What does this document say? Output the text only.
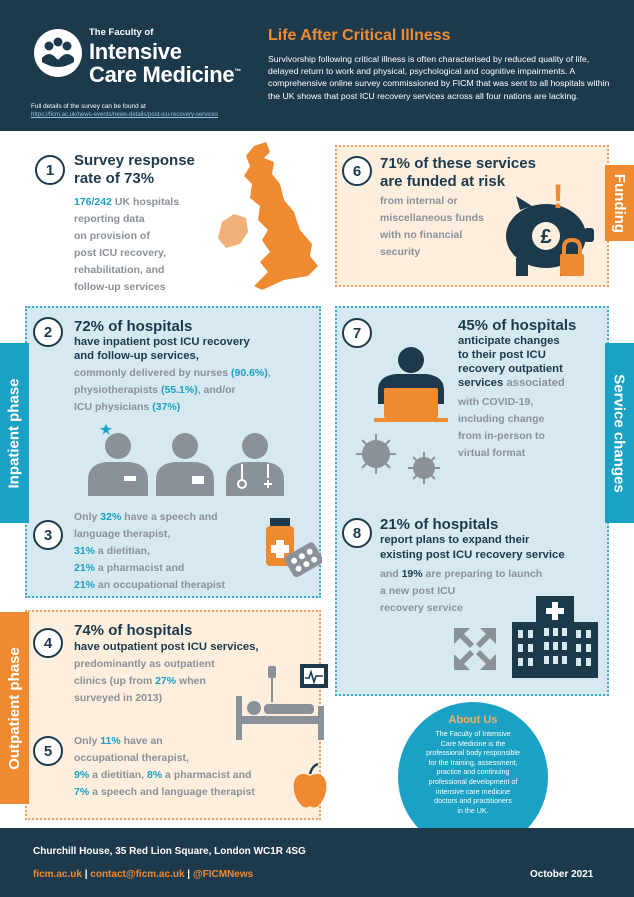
The Faculty of
Intensive
Care Medicine™
Full details of the survey can be found at
https://ficm.ac.uk/news-events/news-details/post-icu-recovery-services
Life After Critical Illness
Survivorship following critical illness is often characterised by reduced quality of life, delayed return to work and physical, psychological and cognitive impairments. A comprehensive online survey commissioned by FICM that was sent to all hospitals within the UK shows that post ICU recovery services across all four nations are lacking.
Funding
Inpatient phase	Service changes
Outpatient phase
1
Survey response
rate of 73%
176/242 UK hospitals
reporting data
on provision of
post ICU recovery,
rehabilitation, and
follow-up services
6	71% of these services
are funded at risk
from internal or
miscellaneous funds
with no financial
security
£
!
2	72% of hospitals
have inpatient post ICU recovery
and follow-up services,
commonly delivered by nurses (90.6%),
physiotherapists (55.1%), and/or
ICU physicians (37%)
3
Only 32% have a speech and
language therapist,
31% a dietitian,
21% a pharmacist and
21% an occupational therapist
7	45% of hospitals
anticipate changes
to their post ICU
recovery outpatient
services associated
with COVID-19,
including change
from in-person to
virtual format
8	21% of hospitals
report plans to expand their
existing post ICU recovery service
and 19% are preparing to launch
a new post ICU
recovery service
4
74% of hospitals
have outpatient post ICU services,
predominantly as outpatient
clinics (up from 27% when
surveyed in 2013)
5
Only 11% have an
occupational therapist,
9% a dietitian, 8% a pharmacist and
7% a speech and language therapist
About Us
The Faculty of Intensive
Care Medicine is the
professional body responsible
for the training, assessment,
practice and continuing
professional development of
intensive care medicine
doctors and practitioners
in the UK.
Churchill House, 35 Red Lion Square, London WC1R 4SG
ficm.ac.uk | contact@ficm.ac.uk | @FICMNews	October 2021
